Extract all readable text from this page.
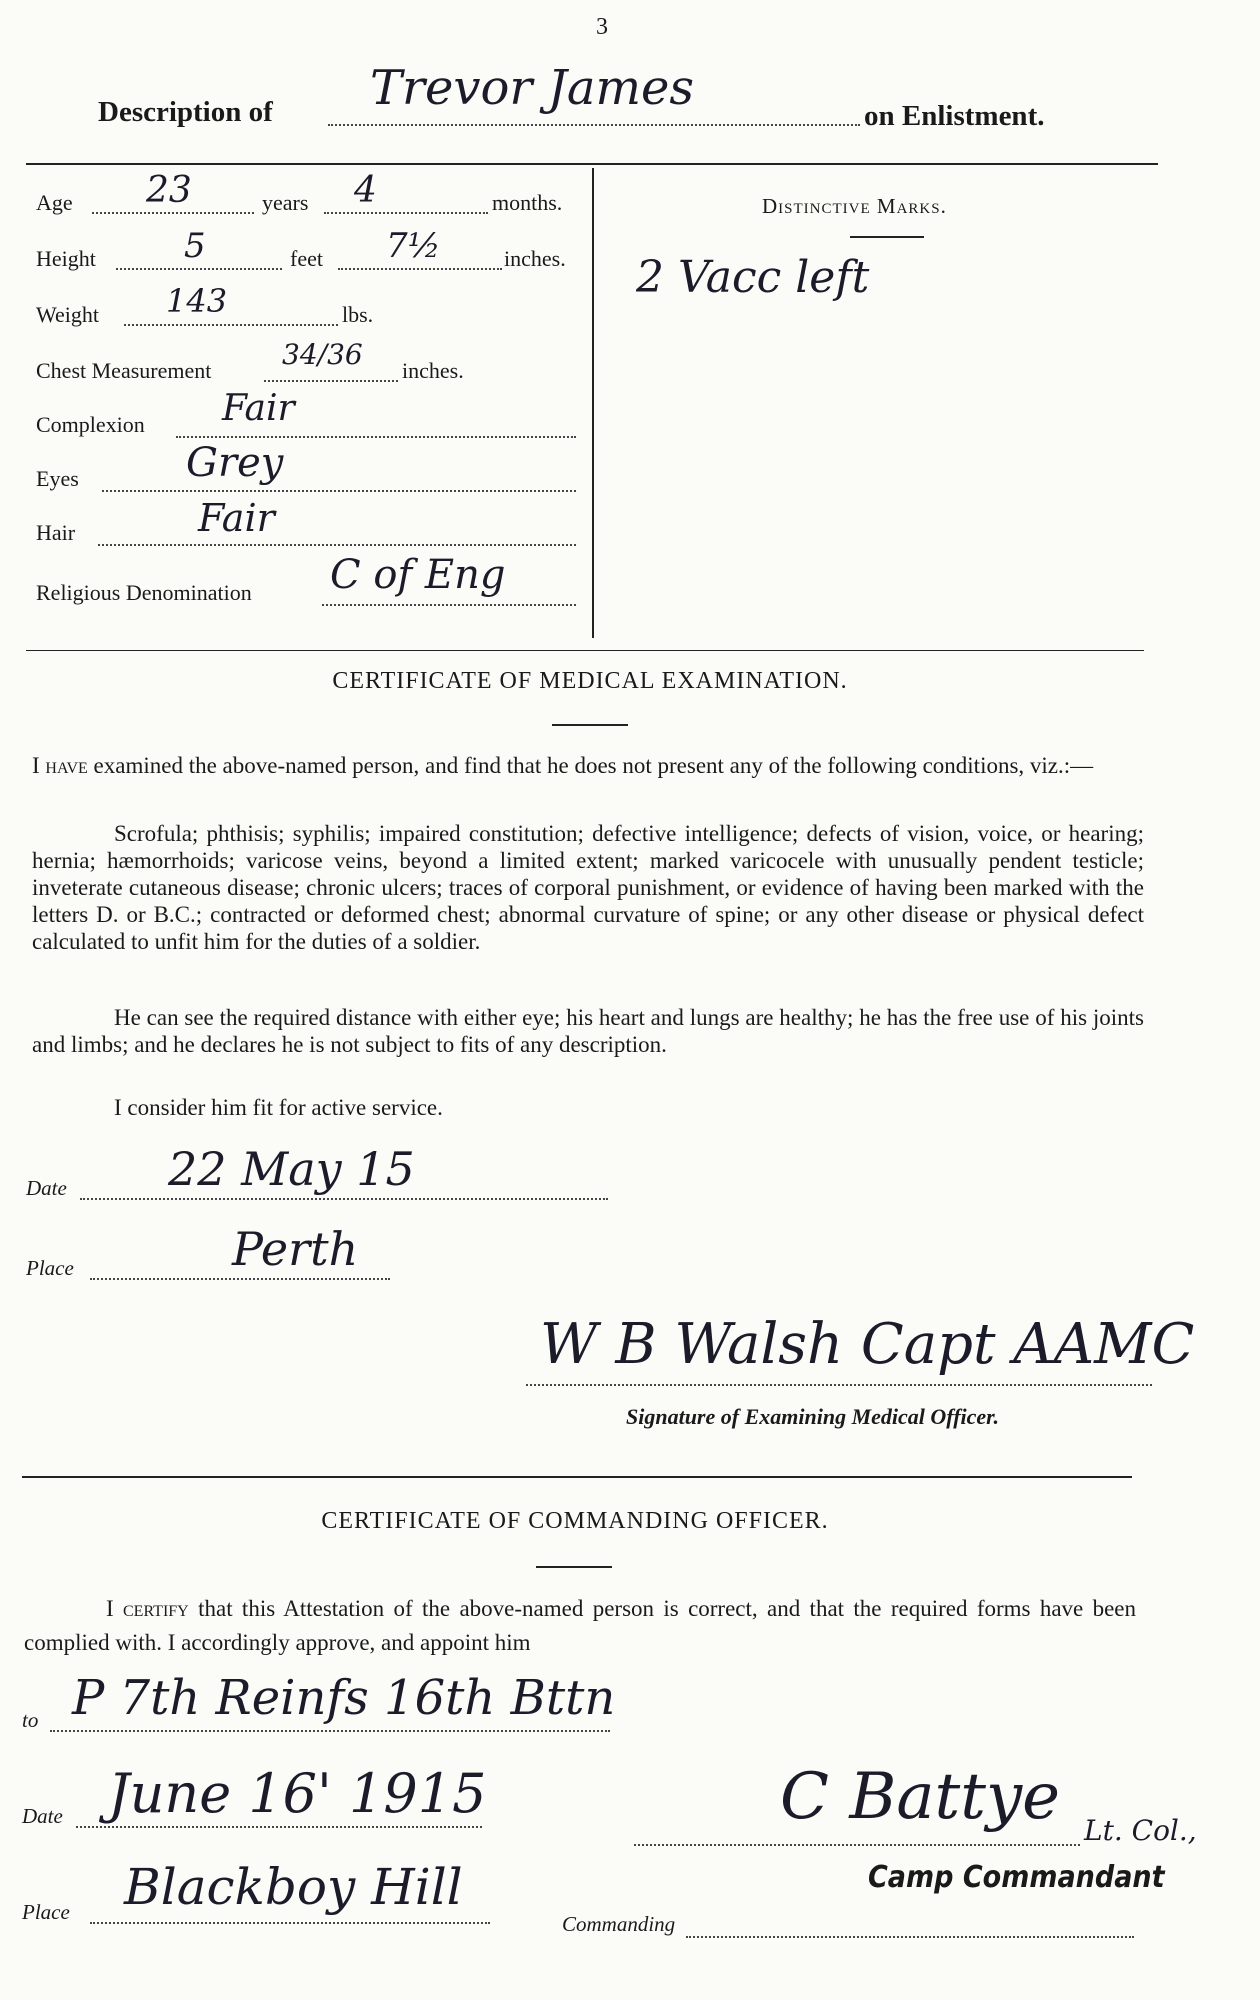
3
Description of Trevor James	on Enlistment.
Age 23	years 4	months.
Height	5	feet 7½	inches.
Weight 143	lbs.
Chest Measurement	34/36 inches.
Complexion Fair
Eyes	Grey
Hair	Fair
Religious Denomination C of Eng
Distinctive Marks.
2 Vacc left
CERTIFICATE OF MEDICAL EXAMINATION.
I have examined the above-named person, and find that he does not present any of the following conditions, viz.:—
Scrofula; phthisis; syphilis; impaired constitution; defective intelligence; defects of vision, voice, or hearing; hernia; hæmorrhoids; varicose veins, beyond a limited extent; marked varicocele with unusually pendent testicle; inveterate cutaneous disease; chronic ulcers; traces of corporal punishment, or evidence of having been marked with the letters D. or B.C.; contracted or deformed chest; abnormal curvature of spine; or any other disease or physical defect calculated to unfit him for the duties of a soldier.
He can see the required distance with either eye; his heart and lungs are healthy; he has the free use of his joints and limbs; and he declares he is not subject to fits of any description.
I consider him fit for active service.
Date 22 May 15
Place	Perth
W B Walsh Capt AAMC
Signature of Examining Medical Officer.
CERTIFICATE OF COMMANDING OFFICER.
I certify that this Attestation of the above-named person is correct, and that the required forms have been complied with. I accordingly approve, and appoint him
to P 7th Reinfs 16th Bttn
Date June 16' 1915
Place Blackboy Hill
C Battye Lt. Col.,
Camp Commandant
Commanding
